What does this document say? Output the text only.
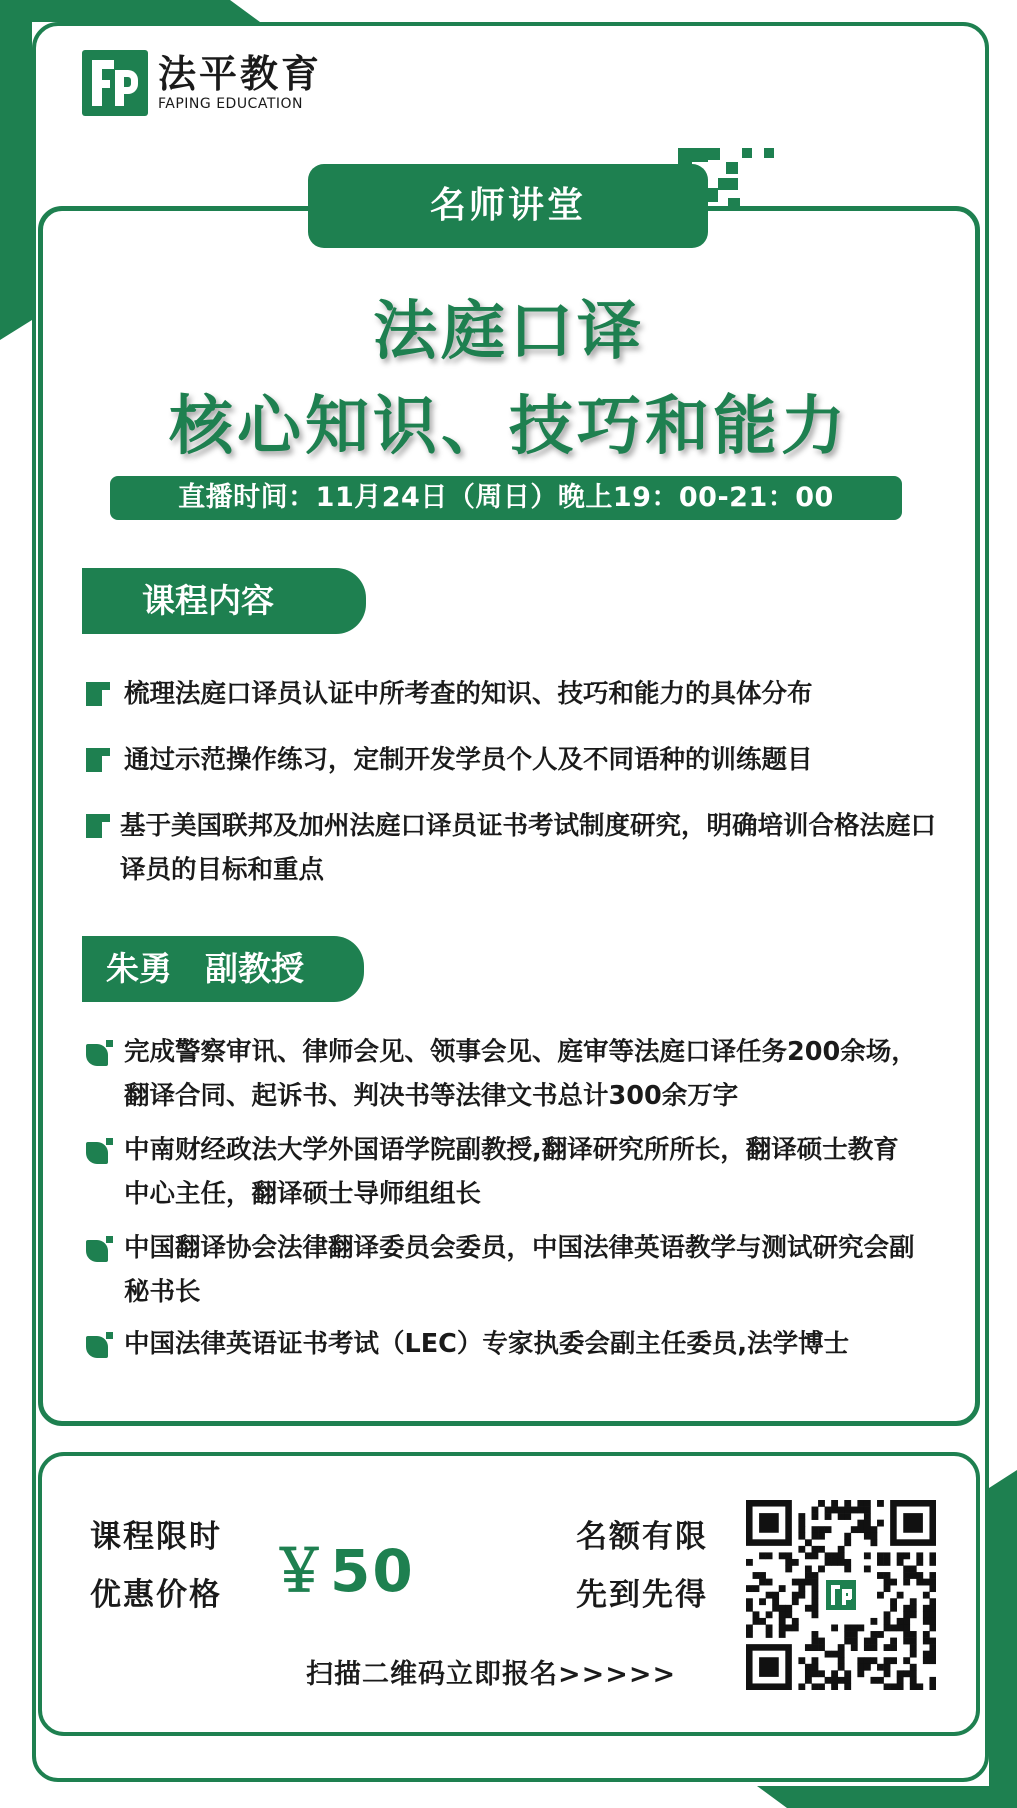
法平教育
FAPING EDUCATION
名师讲堂
法庭口译
核心知识、技巧和能力
直播时间：11月24日（周日）晚上19：00-21：00
课程内容
梳理法庭口译员认证中所考查的知识、技巧和能力的具体分布
通过示范操作练习，定制开发学员个人及不同语种的训练题目
基于美国联邦及加州法庭口译员证书考试制度研究，明确培训合格法庭口译员的目标和重点
朱勇　副教授
完成警察审讯、律师会见、领事会见、庭审等法庭口译任务200余场，翻译合同、起诉书、判决书等法律文书总计300余万字
中南财经政法大学外国语学院副教授,翻译研究所所长，翻译硕士教育中心主任，翻译硕士导师组组长
中国翻译协会法律翻译委员会委员，中国法律英语教学与测试研究会副秘书长
中国法律英语证书考试（LEC）专家执委会副主任委员,法学博士
课程限时
优惠价格 ￥50	名额有限
先到先得
扫描二维码立即报名>>>>>
